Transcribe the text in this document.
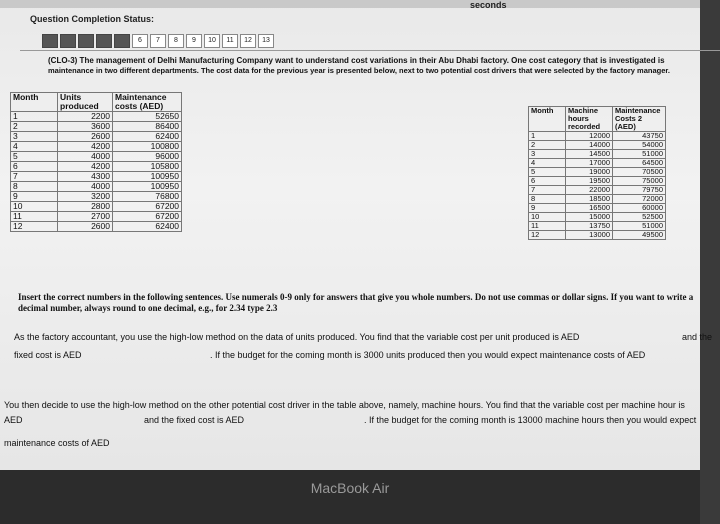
seconds
Question Completion Status:

6	7	8	9	10	11	12	13
(CLO-3) The management of Delhi Manufacturing Company want to understand cost variations in their Abu Dhabi factory. One cost category that is investigated is
maintenance in two different departments. The cost data for the previous year is presented below, next to two potential cost drivers that were selected by the factory manager.
Month	Units produced	Maintenance costs (AED)
1	2200	52650
2	3600	86400
3	2600	62400
4	4200	100800
5	4000	96000
6	4200	105800
7	4300	100950
8	4000	100950
9	3200	76800
10	2800	67200
11	2700	67200
12	2600	62400
Month	Machine hours recorded	Maintenance Costs 2 (AED)
1	12000	43750
2	14000	54000
3	14500	51000
4	17000	64500
5	19000	70500
6	19500	75000
7	22000	79750
8	18500	72000
9	16500	60000
10	15000	52500
11	13750	51000
12	13000	49500
Insert the correct numbers in the following sentences. Use numerals 0-9 only for answers that give you whole numbers. Do not use commas or dollar signs. If you want to write a decimal number, always round to one decimal, e.g., for 2.34 type 2.3
As the factory accountant, you use the high-low method on the data of units produced. You find that the variable cost per unit produced is AED	and the
fixed cost is AED	. If the budget for the coming month is 3000 units produced then you would expect maintenance costs of AED
You then decide to use the high-low method on the other potential cost driver in the table above, namely, machine hours. You find that the variable cost per machine hour is
AED	and the fixed cost is AED	. If the budget for the coming month is 13000 machine hours then you would expect
maintenance costs of AED
MacBook Air
